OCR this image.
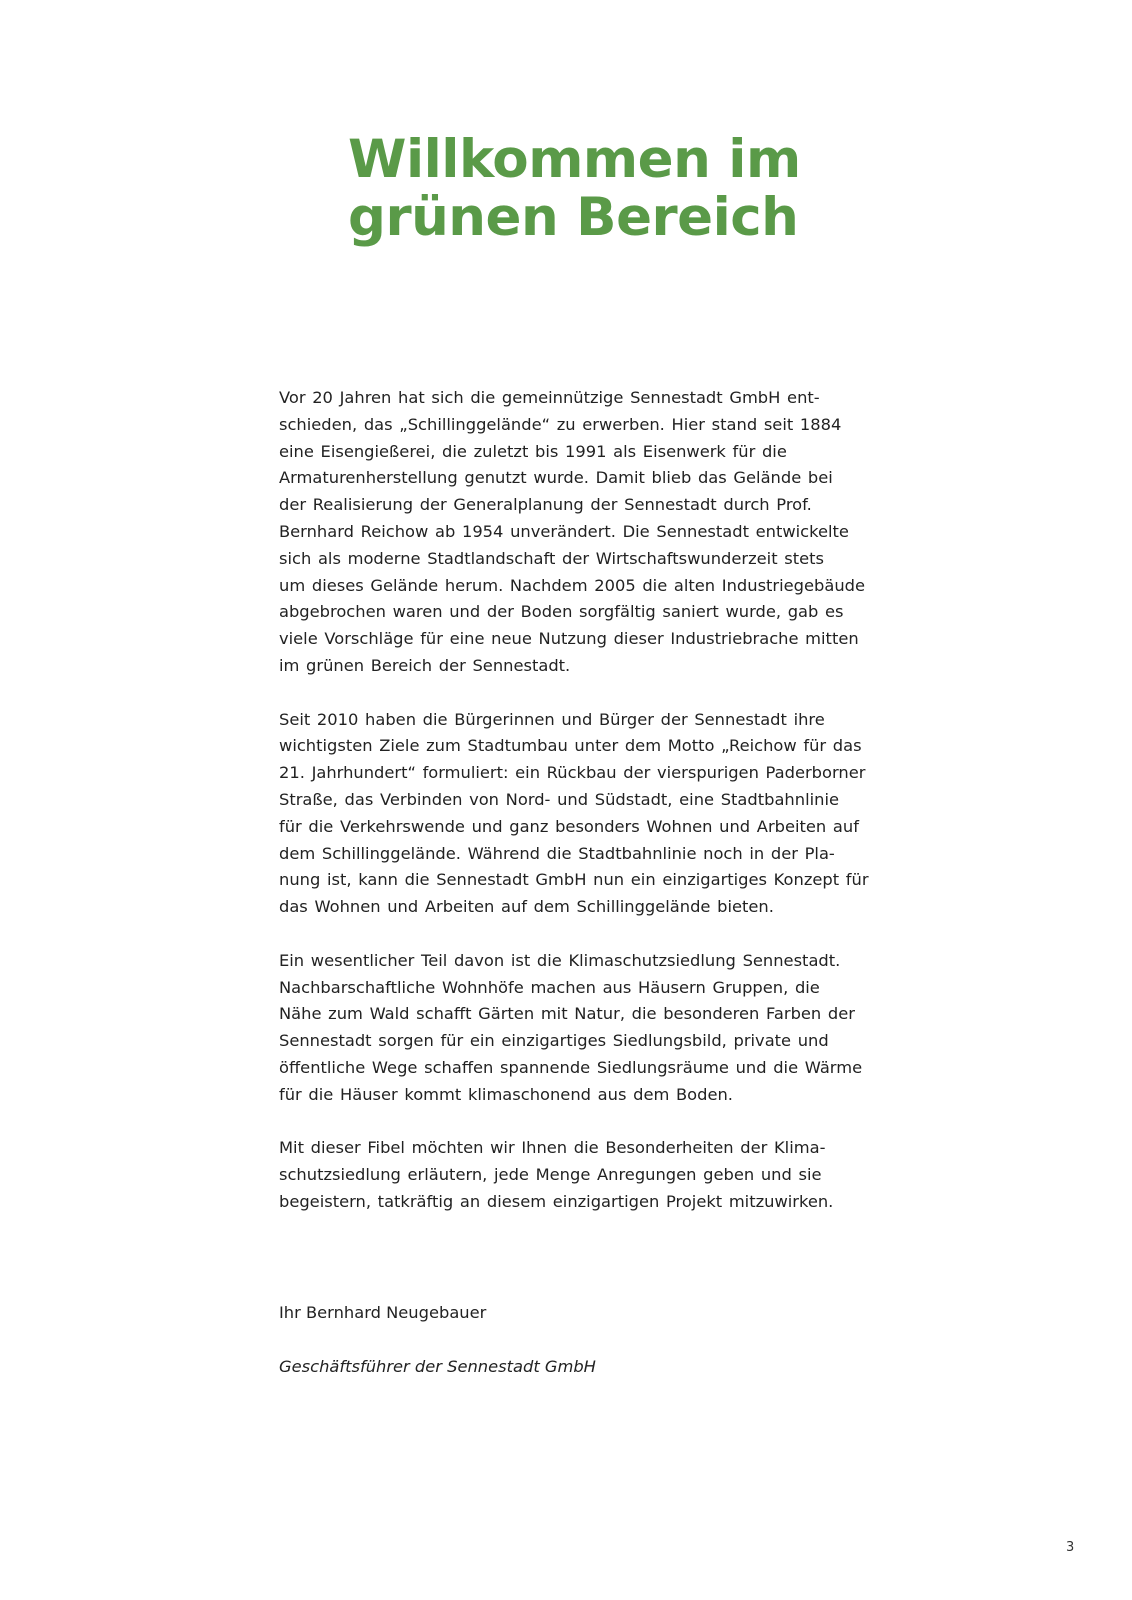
Willkommen im
grünen Bereich

Vor 20 Jahren hat sich die gemeinnützige Sennestadt GmbH ent-
schieden, das „Schillinggelände“ zu erwerben. Hier stand seit 1884
eine Eisengießerei, die zuletzt bis 1991 als Eisenwerk für die
Armaturenherstellung genutzt wurde. Damit blieb das Gelände bei
der Realisierung der Generalplanung der Sennestadt durch Prof.
Bernhard Reichow ab 1954 unverändert. Die Sennestadt entwickelte
sich als moderne Stadtlandschaft der Wirtschaftswunderzeit stets
um dieses Gelände herum. Nachdem 2005 die alten Industriegebäude
abgebrochen waren und der Boden sorgfältig saniert wurde, gab es
viele Vorschläge für eine neue Nutzung dieser Industriebrache mitten
im grünen Bereich der Sennestadt.

Seit 2010 haben die Bürgerinnen und Bürger der Sennestadt ihre
wichtigsten Ziele zum Stadtumbau unter dem Motto „Reichow für das
21. Jahrhundert“ formuliert: ein Rückbau der vierspurigen Paderborner
Straße, das Verbinden von Nord- und Südstadt, eine Stadtbahnlinie
für die Verkehrswende und ganz besonders Wohnen und Arbeiten auf
dem Schillinggelände. Während die Stadtbahnlinie noch in der Pla-
nung ist, kann die Sennestadt GmbH nun ein einzigartiges Konzept für
das Wohnen und Arbeiten auf dem Schillinggelände bieten.

Ein wesentlicher Teil davon ist die Klimaschutzsiedlung Sennestadt.
Nachbarschaftliche Wohnhöfe machen aus Häusern Gruppen, die
Nähe zum Wald schafft Gärten mit Natur, die besonderen Farben der
Sennestadt sorgen für ein einzigartiges Siedlungsbild, private und
öffentliche Wege schaffen spannende Siedlungsräume und die Wärme
für die Häuser kommt klimaschonend aus dem Boden.

Mit dieser Fibel möchten wir Ihnen die Besonderheiten der Klima-
schutzsiedlung erläutern, jede Menge Anregungen geben und sie
begeistern, tatkräftig an diesem einzigartigen Projekt mitzuwirken.

Ihr Bernhard Neugebauer
Geschäftsführer der Sennestadt GmbH
3
